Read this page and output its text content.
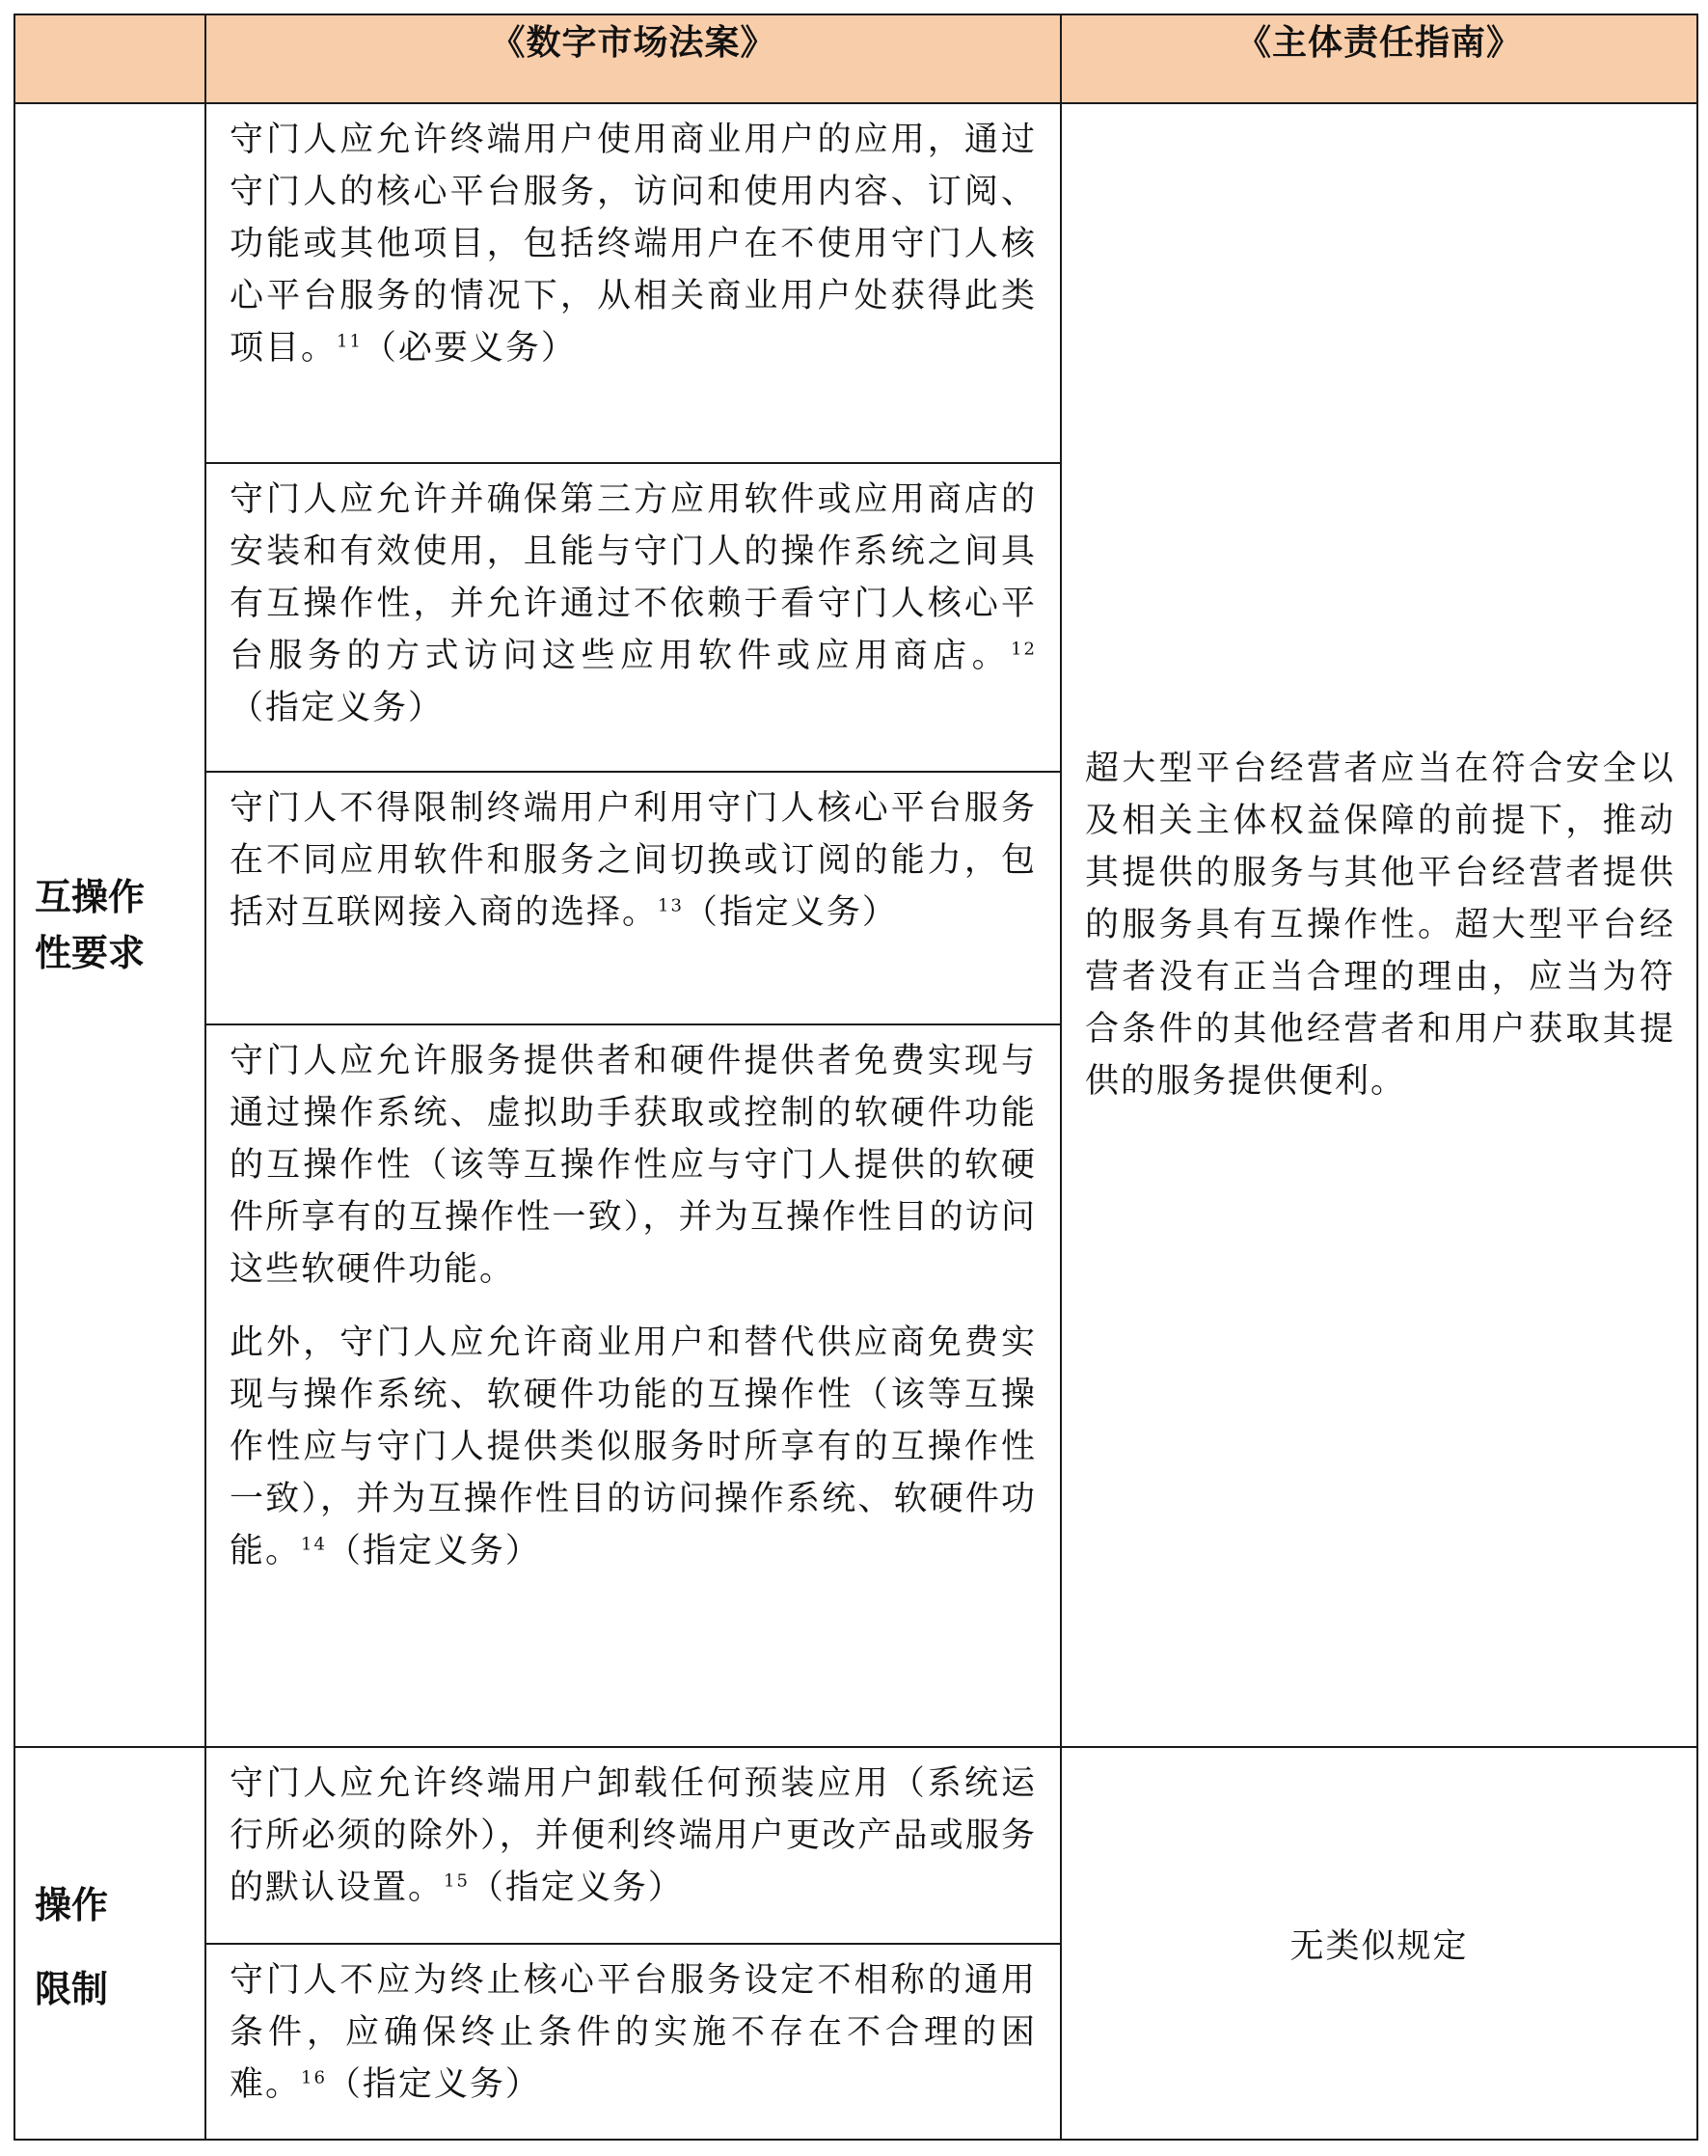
	《数字市场法案》	《主体责任指南》
互操作
性要求	守门人应允许终端用户使用商业用户的应用，通过守门人的核心平台服务，访问和使用内容、订阅、功能或其他项目，包括终端用户在不使用守门人核心平台服务的情况下，从相关商业用户处获得此类项目。$^{11}$（必要义务）	超大型平台经营者应当在符合安全以及相关主体权益保障的前提下，推动其提供的服务与其他平台经营者提供的服务具有互操作性。超大型平台经营者没有正当合理的理由，应当为符合条件的其他经营者和用户获取其提供的服务提供便利。

	守门人应允许并确保第三方应用软件或应用商店的安装和有效使用，且能与守门人的操作系统之间具有互操作性，并允许通过不依赖于看守门人核心平台服务的方式访问这些应用软件或应用商店。$^{12}$（指定义务）	

	守门人不得限制终端用户利用守门人核心平台服务在不同应用软件和服务之间切换或订阅的能力，包括对互联网接入商的选择。$^{13}$（指定义务）	

	守门人应允许服务提供者和硬件提供者免费实现与通过操作系统、虚拟助手获取或控制的软硬件功能的互操作性（该等互操作性应与守门人提供的软硬件所享有的互操作性一致），并为互操作性目的访问这些软硬件功能。

此外，守门人应允许商业用户和替代供应商免费实现与操作系统、软硬件功能的互操作性（该等互操作性应与守门人提供类似服务时所享有的互操作性一致），并为互操作性目的访问操作系统、软硬件功能。$^{14}$（指定义务）	

操作
限制	守门人应允许终端用户卸载任何预装应用（系统运行所必须的除外），并便利终端用户更改产品或服务的默认设置。$^{15}$（指定义务）	无类似规定

	守门人不应为终止核心平台服务设定不相称的通用条件，应确保终止条件的实施不存在不合理的困难。$^{16}$（指定义务）	
